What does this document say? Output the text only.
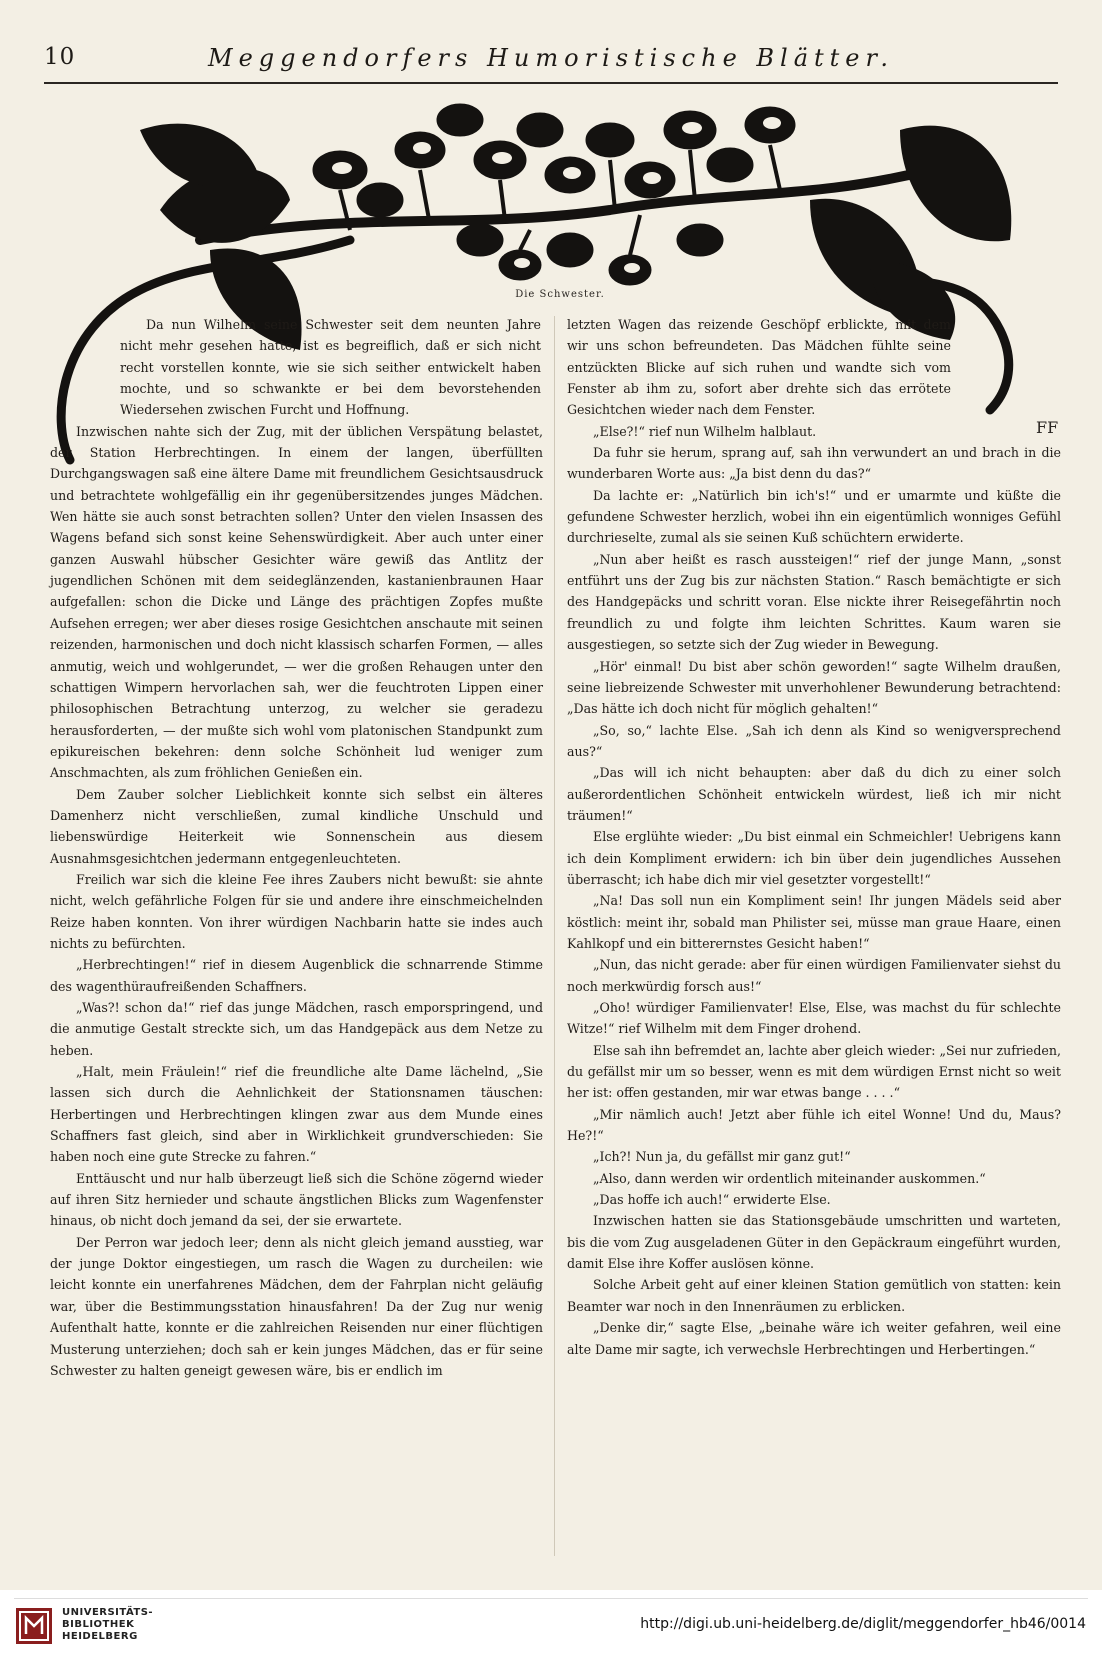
10	Meggendorfers Humoristische Blätter.
Die Schwester.
FF

Da nun Wilhelm seine Schwester seit dem neunten Jahre nicht mehr gesehen hatte, ist es begreiflich, daß er sich nicht recht vorstellen konnte, wie sie sich seither entwickelt haben mochte, und so schwankte er bei dem bevorstehenden Wiedersehen zwischen Furcht und Hoffnung.

Inzwischen nahte sich der Zug, mit der üblichen Verspätung belastet, der Station Herbrechtingen. In einem der langen, überfüllten Durchgangswagen saß eine ältere Dame mit freundlichem Gesichtsausdruck und betrachtete wohlgefällig ein ihr gegenübersitzendes junges Mädchen. Wen hätte sie auch sonst betrachten sollen? Unter den vielen Insassen des Wagens befand sich sonst keine Sehenswürdigkeit. Aber auch unter einer ganzen Auswahl hübscher Gesichter wäre gewiß das Antlitz der jugendlichen Schönen mit dem seideglänzenden, kastanienbraunen Haar aufgefallen: schon die Dicke und Länge des prächtigen Zopfes mußte Aufsehen erregen; wer aber dieses rosige Gesichtchen anschaute mit seinen reizenden, harmonischen und doch nicht klassisch scharfen Formen, — alles anmutig, weich und wohlgerundet, — wer die großen Rehaugen unter den schattigen Wimpern hervorlachen sah, wer die feuchtroten Lippen einer philosophischen Betrachtung unterzog, zu welcher sie geradezu herausforderten, — der mußte sich wohl vom platonischen Standpunkt zum epikureischen bekehren: denn solche Schönheit lud weniger zum Anschmachten, als zum fröhlichen Genießen ein.

Dem Zauber solcher Lieblichkeit konnte sich selbst ein älteres Damenherz nicht verschließen, zumal kindliche Unschuld und liebenswürdige Heiterkeit wie Sonnenschein aus diesem Ausnahmsgesichtchen jedermann entgegenleuchteten.

Freilich war sich die kleine Fee ihres Zaubers nicht bewußt: sie ahnte nicht, welch gefährliche Folgen für sie und andere ihre einschmeichelnden Reize haben konnten. Von ihrer würdigen Nachbarin hatte sie indes auch nichts zu befürchten.

„Herbrechtingen!“ rief in diesem Augenblick die schnarrende Stimme des wagenthüraufreißenden Schaffners.

„Was?! schon da!“ rief das junge Mädchen, rasch emporspringend, und die anmutige Gestalt streckte sich, um das Handgepäck aus dem Netze zu heben.

„Halt, mein Fräulein!“ rief die freundliche alte Dame lächelnd, „Sie lassen sich durch die Aehnlichkeit der Stationsnamen täuschen: Herbertingen und Herbrechtingen klingen zwar aus dem Munde eines Schaffners fast gleich, sind aber in Wirklichkeit grundverschieden: Sie haben noch eine gute Strecke zu fahren.“

Enttäuscht und nur halb überzeugt ließ sich die Schöne zögernd wieder auf ihren Sitz hernieder und schaute ängstlichen Blicks zum Wagenfenster hinaus, ob nicht doch jemand da sei, der sie erwartete.

Der Perron war jedoch leer; denn als nicht gleich jemand ausstieg, war der junge Doktor eingestiegen, um rasch die Wagen zu durcheilen: wie leicht konnte ein unerfahrenes Mädchen, dem der Fahrplan nicht geläufig war, über die Bestimmungsstation hinausfahren! Da der Zug nur wenig Aufenthalt hatte, konnte er die zahlreichen Reisenden nur einer flüchtigen Musterung unterziehen; doch sah er kein junges Mädchen, das er für seine Schwester zu halten geneigt gewesen wäre, bis er endlich im

letzten Wagen das reizende Geschöpf erblickte, mit dem wir uns schon befreundeten. Das Mädchen fühlte seine entzückten Blicke auf sich ruhen und wandte sich vom Fenster ab ihm zu, sofort aber drehte sich das errötete Gesichtchen wieder nach dem Fenster.

„Else?!“ rief nun Wilhelm halblaut.

Da fuhr sie herum, sprang auf, sah ihn verwundert an und brach in die wunderbaren Worte aus: „Ja bist denn du das?“

Da lachte er: „Natürlich bin ich's!“ und er umarmte und küßte die gefundene Schwester herzlich, wobei ihn ein eigentümlich wonniges Gefühl durchrieselte, zumal als sie seinen Kuß schüchtern erwiderte.

„Nun aber heißt es rasch aussteigen!“ rief der junge Mann, „sonst entführt uns der Zug bis zur nächsten Station.“ Rasch bemächtigte er sich des Handgepäcks und schritt voran. Else nickte ihrer Reisegefährtin noch freundlich zu und folgte ihm leichten Schrittes. Kaum waren sie ausgestiegen, so setzte sich der Zug wieder in Bewegung.

„Hör' einmal! Du bist aber schön geworden!“ sagte Wilhelm draußen, seine liebreizende Schwester mit unverhohlener Bewunderung betrachtend: „Das hätte ich doch nicht für möglich gehalten!“

„So, so,“ lachte Else. „Sah ich denn als Kind so wenigversprechend aus?“

„Das will ich nicht behaupten: aber daß du dich zu einer solch außerordentlichen Schönheit entwickeln würdest, ließ ich mir nicht träumen!“

Else erglühte wieder: „Du bist einmal ein Schmeichler! Uebrigens kann ich dein Kompliment erwidern: ich bin über dein jugendliches Aussehen überrascht; ich habe dich mir viel gesetzter vorgestellt!“

„Na! Das soll nun ein Kompliment sein! Ihr jungen Mädels seid aber köstlich: meint ihr, sobald man Philister sei, müsse man graue Haare, einen Kahlkopf und ein bitterernstes Gesicht haben!“

„Nun, das nicht gerade: aber für einen würdigen Familienvater siehst du noch merkwürdig forsch aus!“

„Oho! würdiger Familienvater! Else, Else, was machst du für schlechte Witze!“ rief Wilhelm mit dem Finger drohend.

Else sah ihn befremdet an, lachte aber gleich wieder: „Sei nur zufrieden, du gefällst mir um so besser, wenn es mit dem würdigen Ernst nicht so weit her ist: offen gestanden, mir war etwas bange . . . .“

„Mir nämlich auch! Jetzt aber fühle ich eitel Wonne! Und du, Maus? He?!“

„Ich?! Nun ja, du gefällst mir ganz gut!“

„Also, dann werden wir ordentlich miteinander auskommen.“

„Das hoffe ich auch!“ erwiderte Else.

Inzwischen hatten sie das Stationsgebäude umschritten und warteten, bis die vom Zug ausgeladenen Güter in den Gepäckraum eingeführt wurden, damit Else ihre Koffer auslösen könne.

Solche Arbeit geht auf einer kleinen Station gemütlich von statten: kein Beamter war noch in den Innenräumen zu erblicken.

„Denke dir,“ sagte Else, „beinahe wäre ich weiter gefahren, weil eine alte Dame mir sagte, ich verwechsle Herbrechtingen und Herbertingen.“

UNIVERSITÄTS-
BIBLIOTHEK
HEIDELBERG
http://digi.ub.uni-heidelberg.de/diglit/meggendorfer_hb46/0014
